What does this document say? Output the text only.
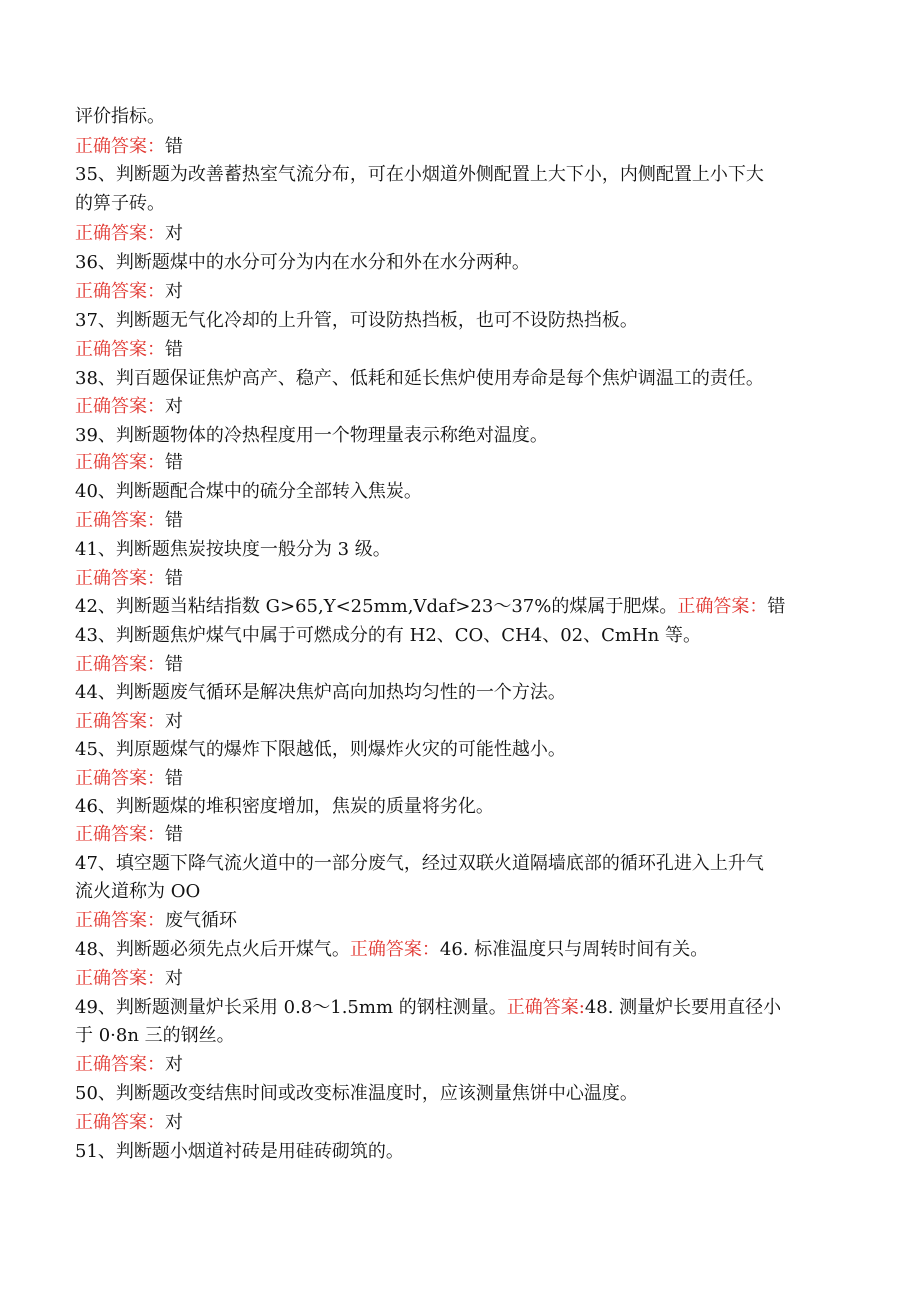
评价指标。
正确答案：错
35、判断题为改善蓄热室气流分布，可在小烟道外侧配置上大下小，内侧配置上小下大
的箅子砖。
正确答案：对
36、判断题煤中的水分可分为内在水分和外在水分两种。
正确答案：对
37、判断题无气化冷却的上升管，可设防热挡板，也可不设防热挡板。
正确答案：错
38、判百题保证焦炉高产、稳产、低耗和延长焦炉使用寿命是每个焦炉调温工的责任。
正确答案：对
39、判断题物体的冷热程度用一个物理量表示称绝对温度。
正确答案：错
40、判断题配合煤中的硫分全部转入焦炭。
正确答案：错
41、判断题焦炭按块度一般分为 3 级。
正确答案：错
42、判断题当粘结指数 G>65,Y<25mm,Vdaf>23～37%的煤属于肥煤。正确答案：错
43、判断题焦炉煤气中属于可燃成分的有 H2、CO、CH4、02、CmHn 等。
正确答案：错
44、判断题废气循环是解决焦炉高向加热均匀性的一个方法。
正确答案：对
45、判原题煤气的爆炸下限越低，则爆炸火灾的可能性越小。
正确答案：错
46、判断题煤的堆积密度增加，焦炭的质量将劣化。
正确答案：错
47、填空题下降气流火道中的一部分废气，经过双联火道隔墙底部的循环孔进入上升气
流火道称为 OO
正确答案：废气循环
48、判断题必须先点火后开煤气。正确答案：46. 标准温度只与周转时间有关。
正确答案：对
49、判断题测量炉长采用 0.8～1.5mm 的钢柱测量。正确答案:48. 测量炉长要用直径小
于 0·8n 三的钢丝。
正确答案：对
50、判断题改变结焦时间或改变标准温度时，应该测量焦饼中心温度。
正确答案：对
51、判断题小烟道衬砖是用硅砖砌筑的。
